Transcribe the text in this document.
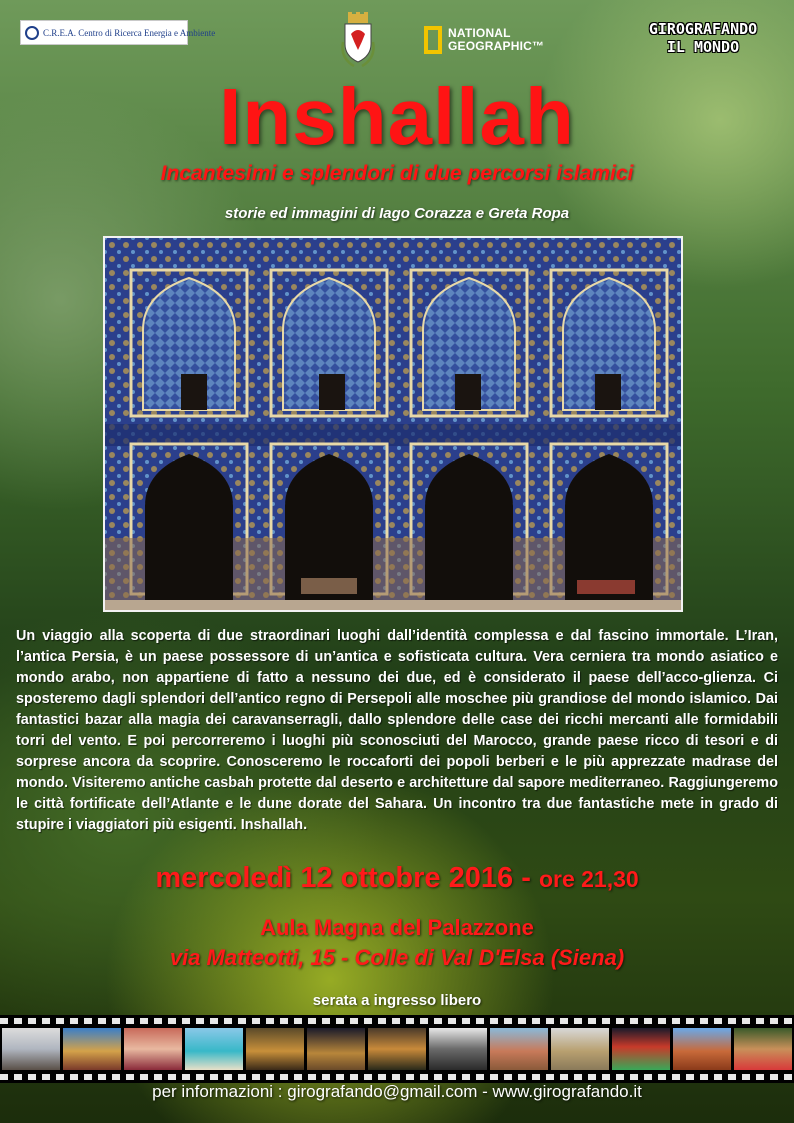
C.R.E.A. Centro di Ricerca Energia e Ambiente	NATIONAL
GEOGRAPHIC™
GIROGRAFANDO
IL MONDO
Inshallah
Incantesimi e splendori di due percorsi islamici
storie ed immagini di Iago Corazza e Greta Ropa

Un viaggio alla scoperta di due straordinari luoghi dall’identità complessa e dal fascino immortale. L’Iran, l’antica Persia, è un paese possessore di un’antica e sofisticata cultura. Vera cerniera tra mondo asiatico e mondo arabo, non appartiene di fatto a nessuno dei due, ed è considerato il paese dell’acco-glienza. Ci sposteremo dagli splendori dell’antico regno di Persepoli alle moschee più grandiose del mondo islamico. Dai fantastici bazar alla magia dei caravanserragli, dallo splendore delle case dei ricchi mercanti alle formidabili torri del vento. E poi percorreremo i luoghi più sconosciuti del Marocco, grande paese ricco di tesori e di sorprese ancora da scoprire. Conosceremo le roccaforti dei popoli berberi e le più apprezzate madrase del mondo. Visiteremo antiche casbah protette dal deserto e architetture dal sapore mediterraneo. Raggiungeremo le città fortificate dell’Atlante e le dune dorate del Sahara. Un incontro tra due fantastiche mete in grado di stupire i viaggiatori più esigenti. Inshallah.

mercoledì 12 ottobre 2016 - ore 21,30
Aula Magna del Palazzone
via Matteotti, 15 - Colle di Val D'Elsa (Siena)
serata a ingresso libero
per informazioni : girografando@gmail.com - www.girografando.it
